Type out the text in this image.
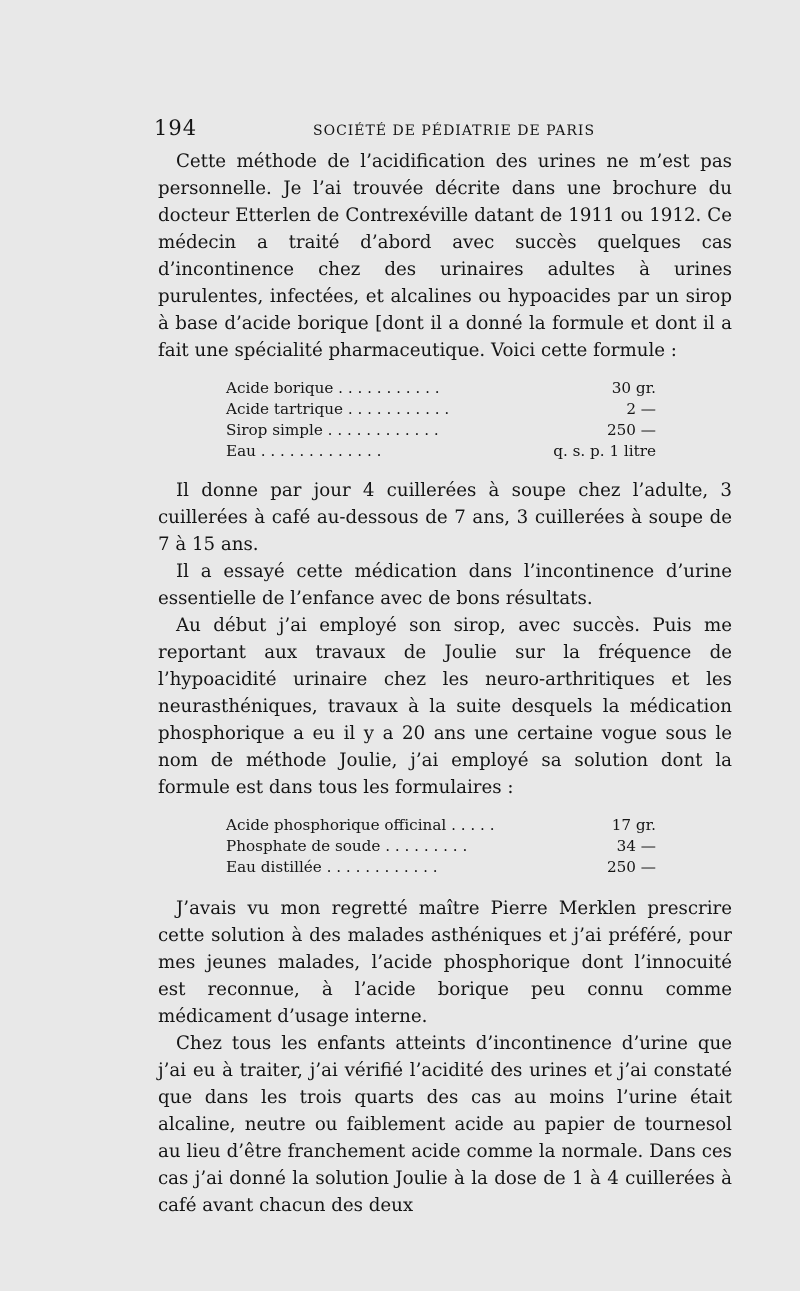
194	SOCIÉTÉ DE PÉDIATRIE DE PARIS

Cette méthode de l’acidification des urines ne m’est pas personnelle. Je l’ai trouvée décrite dans une brochure du docteur Etterlen de Contrexéville datant de 1911 ou 1912. Ce médecin a traité d’abord avec succès quelques cas d’incontinence chez des urinaires adultes à urines purulentes, infectées, et alcalines ou hypoacides par un sirop à base d’acide borique [dont il a donné la formule et dont il a fait une spécialité pharmaceutique. Voici cette formule :

Acide borique . . . . . . . . . . .	30 gr.
Acide tartrique . . . . . . . . . . .	2 —
Sirop simple . . . . . . . . . . . .	250 —
Eau . . . . . . . . . . . . .	q. s. p. 1 litre

Il donne par jour 4 cuillerées à soupe chez l’adulte, 3 cuillerées à café au-dessous de 7 ans, 3 cuillerées à soupe de 7 à 15 ans.

Il a essayé cette médication dans l’incontinence d’urine essentielle de l’enfance avec de bons résultats.

Au début j’ai employé son sirop, avec succès. Puis me reportant aux travaux de Joulie sur la fréquence de l’hypoacidité urinaire chez les neuro-arthritiques et les neurasthéniques, travaux à la suite desquels la médication phosphorique a eu il y a 20 ans une certaine vogue sous le nom de méthode Joulie, j’ai employé sa solution dont la formule est dans tous les formulaires :

Acide phosphorique officinal . . . . .	17 gr.
Phosphate de soude . . . . . . . . .	34 —
Eau distillée . . . . . . . . . . . .	250 —

J’avais vu mon regretté maître Pierre Merklen prescrire cette solution à des malades asthéniques et j’ai préféré, pour mes jeunes malades, l’acide phosphorique dont l’innocuité est reconnue, à l’acide borique peu connu comme médicament d’usage interne.

Chez tous les enfants atteints d’incontinence d’urine que j’ai eu à traiter, j’ai vérifié l’acidité des urines et j’ai constaté que dans les trois quarts des cas au moins l’urine était alcaline, neutre ou faiblement acide au papier de tournesol au lieu d’être franchement acide comme la normale. Dans ces cas j’ai donné la solution Joulie à la dose de 1 à 4 cuillerées à café avant chacun des deux
